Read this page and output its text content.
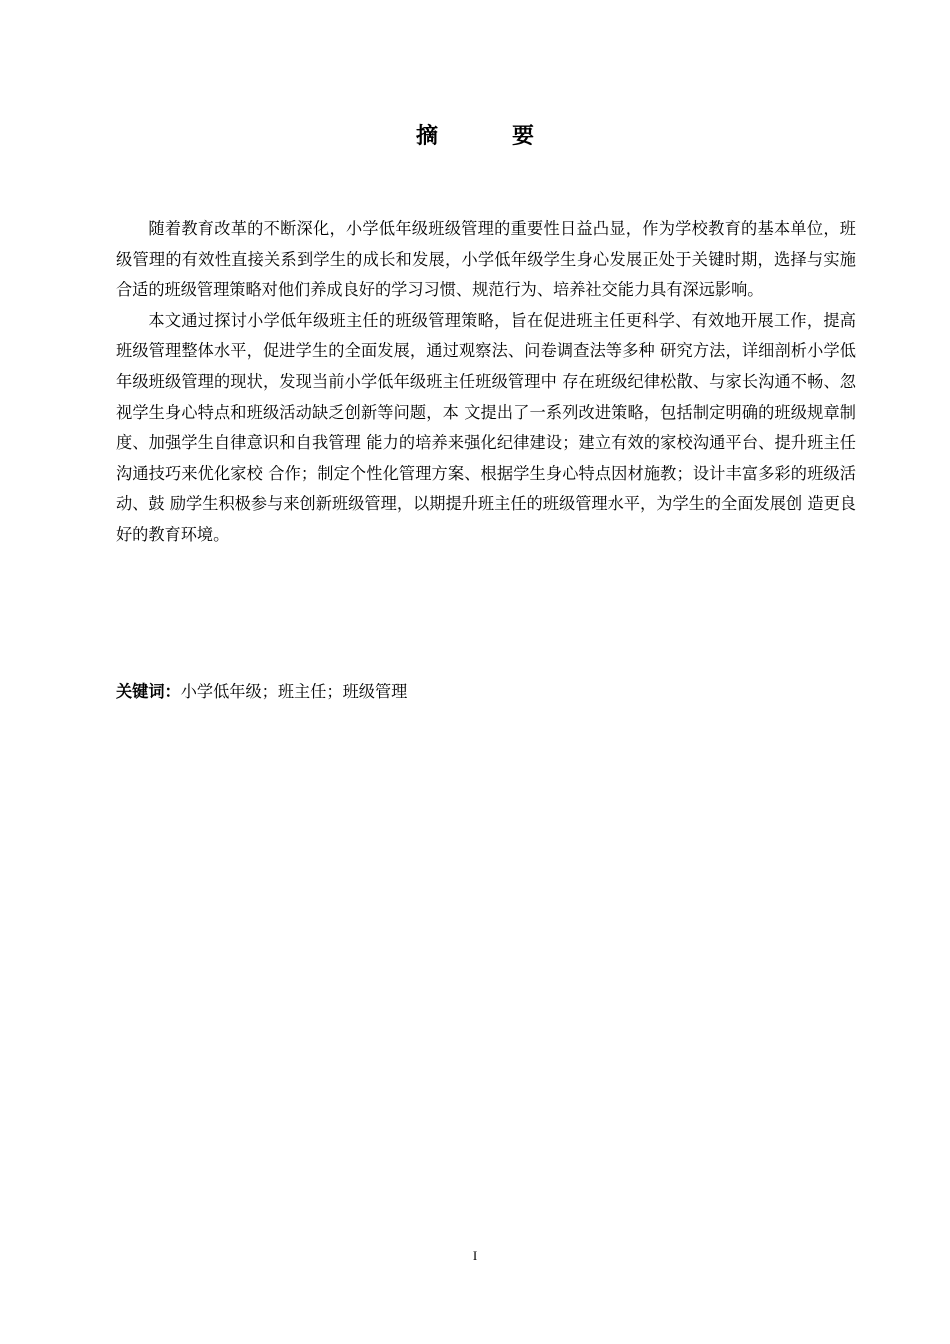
摘　要

随着教育改革的不断深化，小学低年级班级管理的重要性日益凸显，作为学校教育的基本单位，班级管理的有效性直接关系到学生的成长和发展，小学低年级学生身心发展正处于关键时期，选择与实施合适的班级管理策略对他们养成良好的学习习惯、规范行为、培养社交能力具有深远影响。

本文通过探讨小学低年级班主任的班级管理策略，旨在促进班主任更科学、有效地开展工作，提高班级管理整体水平，促进学生的全面发展，通过观察法、问卷调查法等多种 研究方法，详细剖析小学低年级班级管理的现状，发现当前小学低年级班主任班级管理中 存在班级纪律松散、与家长沟通不畅、忽视学生身心特点和班级活动缺乏创新等问题，本 文提出了一系列改进策略，包括制定明确的班级规章制度、加强学生自律意识和自我管理 能力的培养来强化纪律建设；建立有效的家校沟通平台、提升班主任沟通技巧来优化家校 合作；制定个性化管理方案、根据学生身心特点因材施教；设计丰富多彩的班级活动、鼓 励学生积极参与来创新班级管理，以期提升班主任的班级管理水平，为学生的全面发展创 造更良好的教育环境。

关键词：小学低年级；班主任；班级管理
I
